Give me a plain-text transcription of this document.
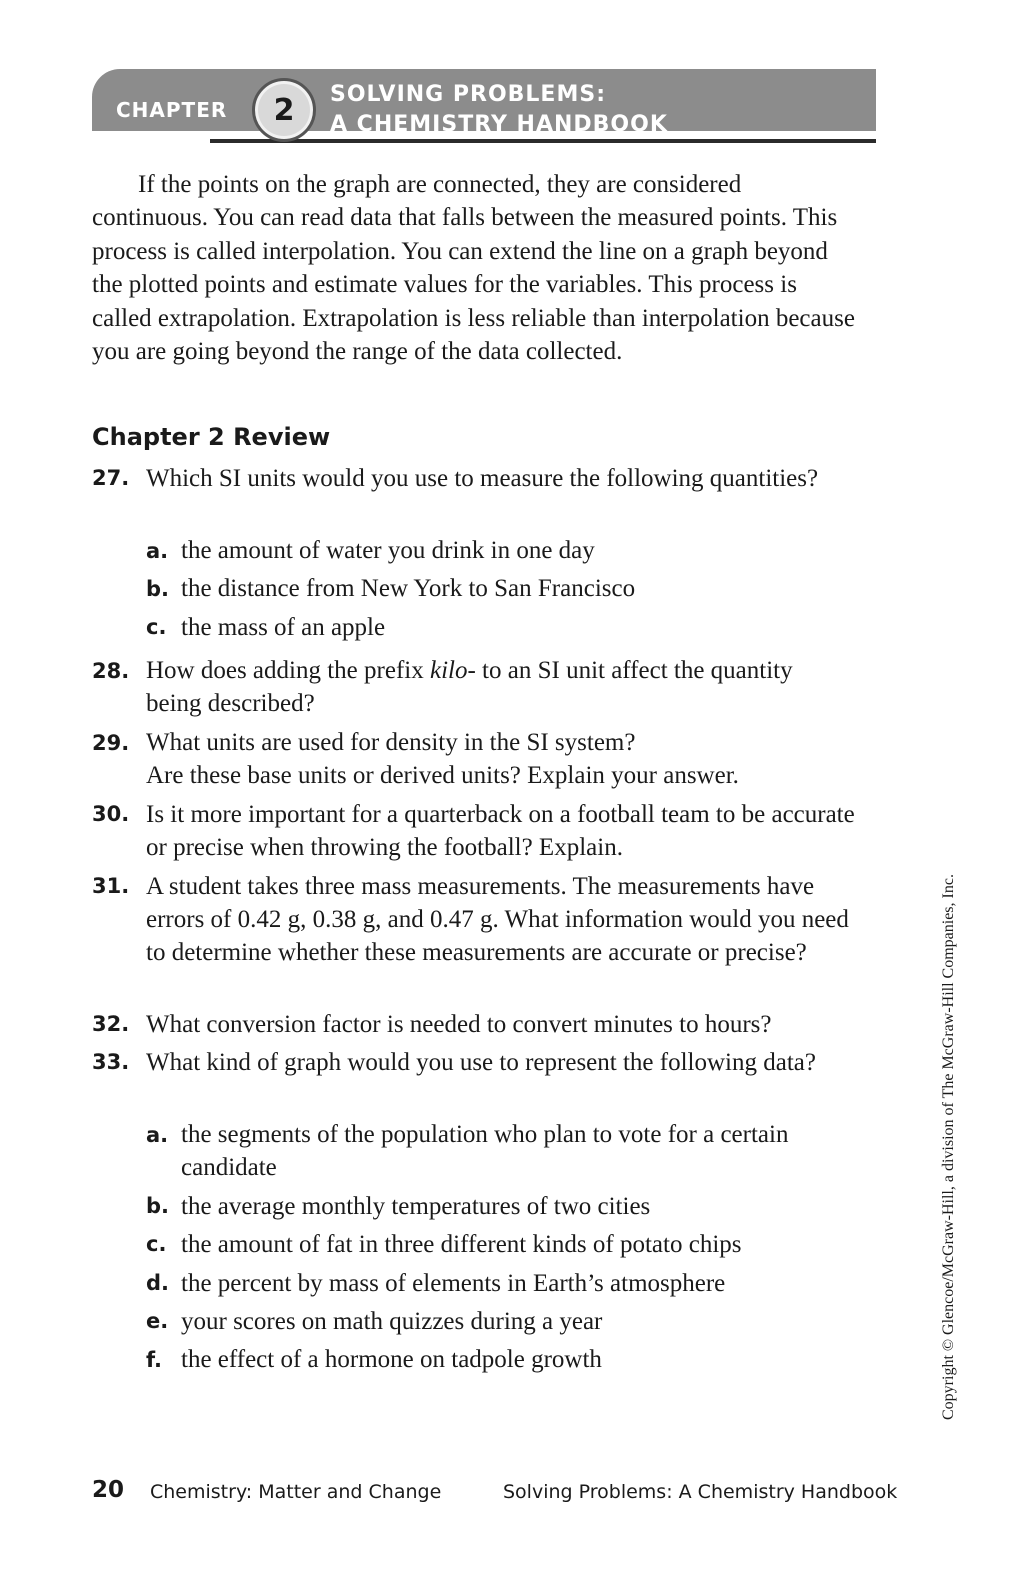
CHAPTER	2	SOLVING PROBLEMS:
A CHEMISTRY HANDBOOK

If the points on the graph are connected, they are considered continuous. You can read data that falls between the measured points. This process is called interpolation. You can extend the line on a graph beyond the plotted points and estimate values for the variables. This process is called extrapolation. Extrapolation is less reliable than interpolation because you are going beyond the range of the data collected.

Chapter 2 Review
27. Which SI units would you use to measure the following quantities?

a. the amount of water you drink in one day

b. the distance from New York to San Francisco

c. the mass of an apple

28. How does adding the prefix kilo- to an SI unit affect the quantity being described?

29. What units are used for density in the SI system?
Are these base units or derived units? Explain your answer.

30. Is it more important for a quarterback on a football team to be accurate or precise when throwing the football? Explain.

31. A student takes three mass measurements. The measurements have errors of 0.42 g, 0.38 g, and 0.47 g. What information would you need to determine whether these measurements are accurate or precise?

32. What conversion factor is needed to convert minutes to hours?

33. What kind of graph would you use to represent the following data?

a. the segments of the population who plan to vote for a certain candidate

b. the average monthly temperatures of two cities

c. the amount of fat in three different kinds of potato chips

d. the percent by mass of elements in Earth’s atmosphere

e. your scores on math quizzes during a year

f. the effect of a hormone on tadpole growth	Copyright © Glencoe/McGraw-Hill, a division of The McGraw-Hill Companies, Inc.
20 Chemistry: Matter and Change	Solving Problems: A Chemistry Handbook
